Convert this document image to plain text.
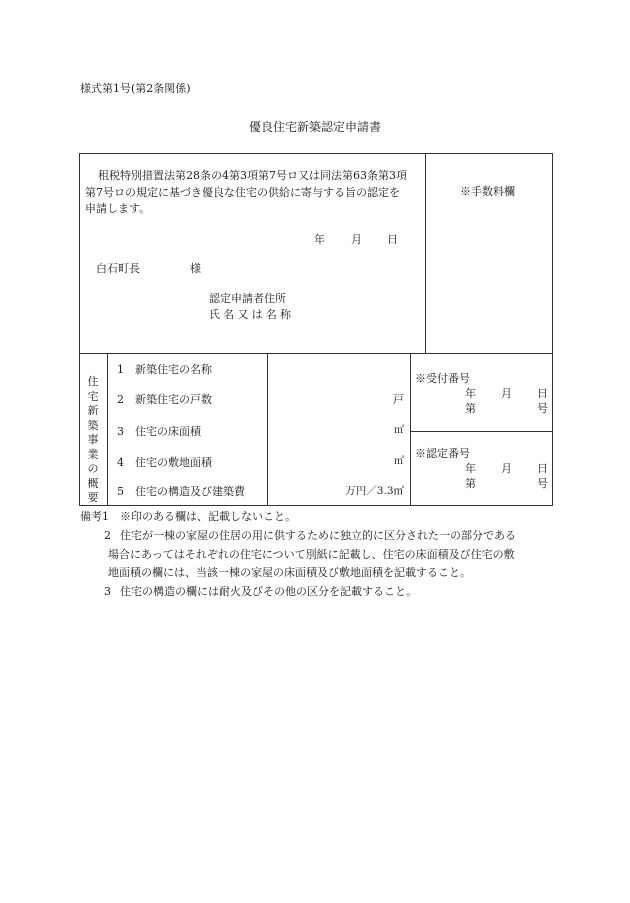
様式第1号(第2条関係)
優良住宅新築認定申請書
租税特別措置法第28条の4第3項第7号ロ又は同法第63条第3項
第7号ロの規定に基づき優良な住宅の供給に寄与する旨の認定を
申請します。
※手数料欄
年 月 日
白石町長	様
認定申請者住所
氏名又は名称
住宅新築事業の概要
1 新築住宅の名称
2 新築住宅の戸数	戸
3 住宅の床面積	㎡
4 住宅の敷地面積	㎡
5 住宅の構造及び建築費	万円／3.3㎡
※受付番号
年 月 日
第	号
※認定番号
年 月 日
第	号
備考1 ※印のある欄は、記載しないこと。
2 住宅が一棟の家屋の住居の用に供するために独立的に区分された一の部分である
場合にあってはそれぞれの住宅について別紙に記載し、住宅の床面積及び住宅の敷
地面積の欄には、当該一棟の家屋の床面積及び敷地面積を記載すること。
3 住宅の構造の欄には耐火及びその他の区分を記載すること。
